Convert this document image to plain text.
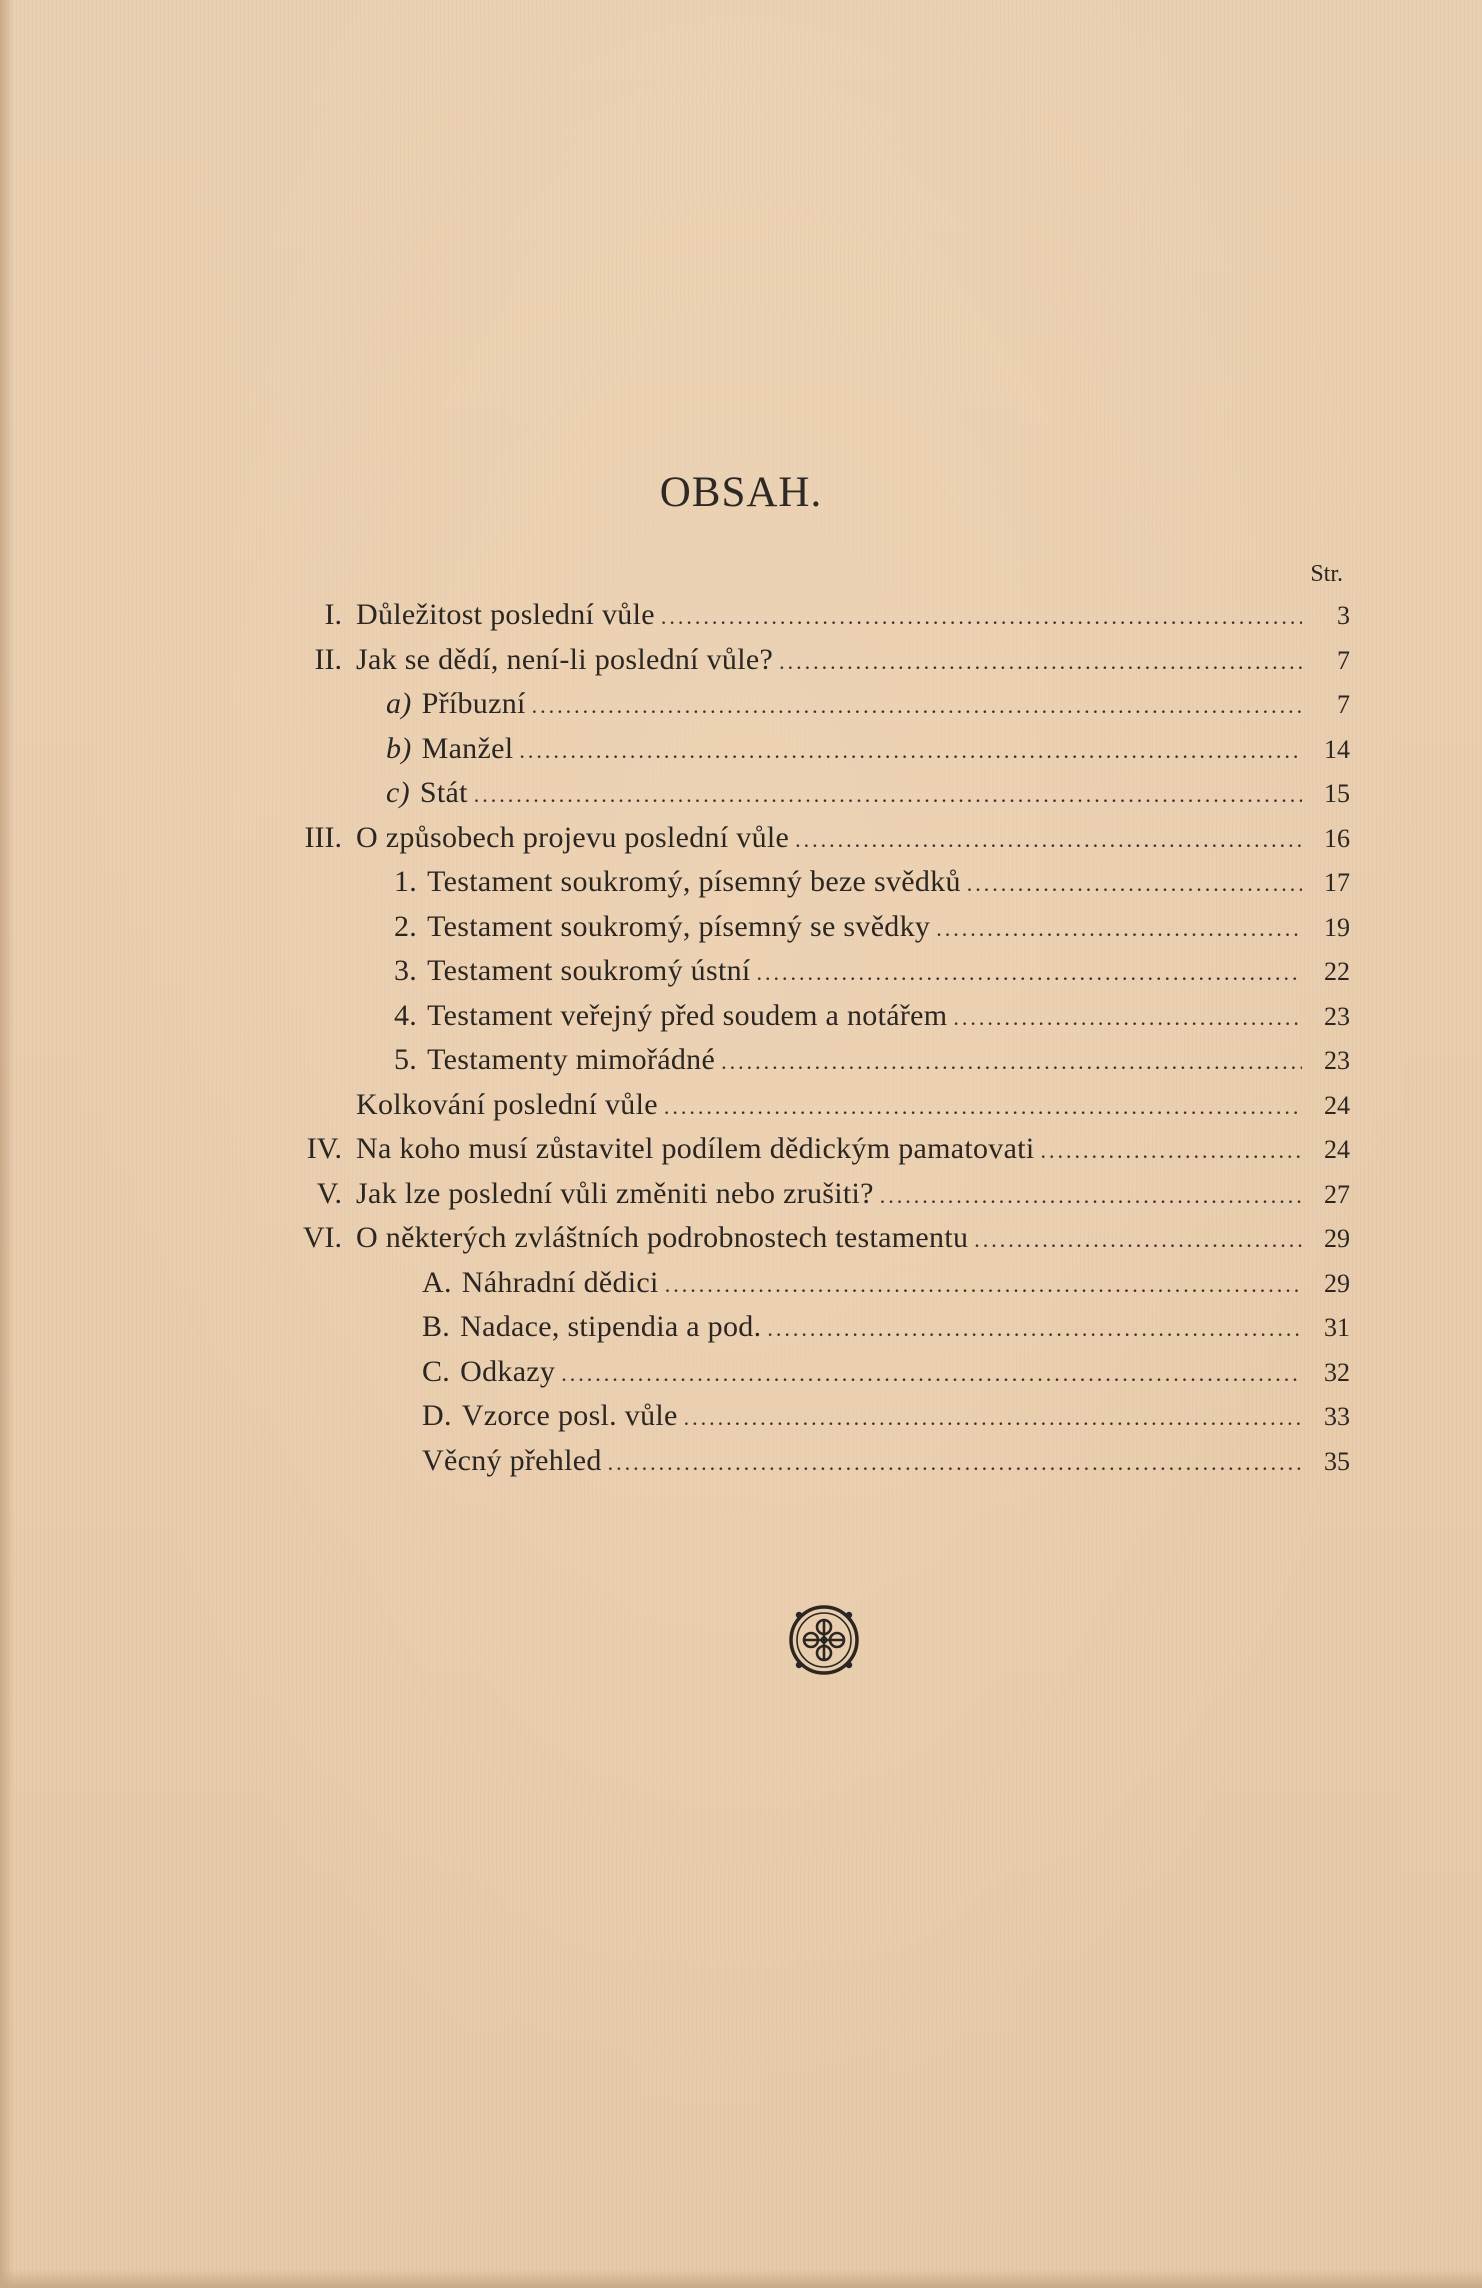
OBSAH.
Str.
I. Důležitost poslední vůle .....	3
II. Jak se dědí, není-li poslední vůle? .....	7
a) Příbuzní .....	7
b) Manžel .....	14
c) Stát .....	15
III. O způsobech projevu poslední vůle .....	16
1. Testament soukromý, písemný beze svědků .....	17
2. Testament soukromý, písemný se svědky .....	19
3. Testament soukromý ústní .....	22
4. Testament veřejný před soudem a notářem .....	23
5. Testamenty mimořádné .....	23
Kolkování poslední vůle .....	24
IV. Na koho musí zůstavitel podílem dědickým pamatovati .....	24
V. Jak lze poslední vůli změniti nebo zrušiti? .....	27
VI. O některých zvláštních podrobnostech testamentu .....	29
A. Náhradní dědici .....	29
B. Nadace, stipendia a pod. .....	31
C. Odkazy .....	32
D. Vzorce posl. vůle .....	33
Věcný přehled .....	35
